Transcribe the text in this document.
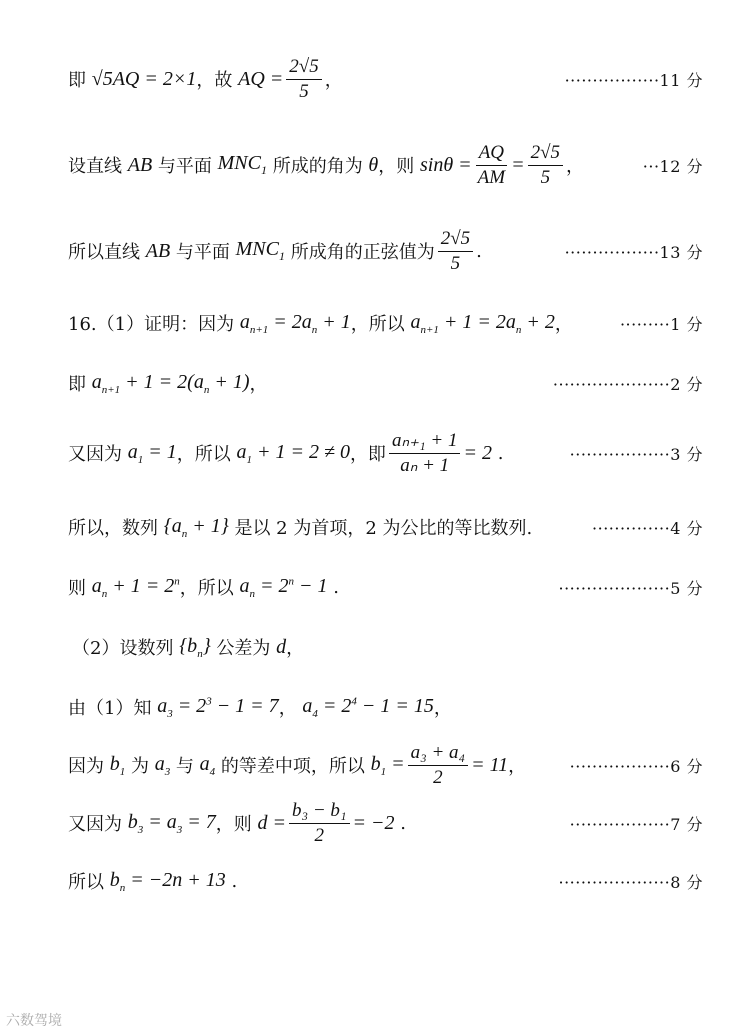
即 √5AQ = 2×1 ，故 AQ = $\frac{2√5}{5}$ ，	·················11 分
设直线 AB 与平面 $MNC_1$ 所成的角为 θ ，则 $\sin\theta = \frac{AQ}{AM} = \frac{2√5}{5}$ ，	···12 分
所以直线 AB 与平面 $MNC_1$ 所成角的正弦值为 $\frac{2√5}{5}$ .	·················13 分
16.（1）证明：因为 $a_{n+1} = 2a_n + 1$ ，所以 $a_{n+1} + 1 = 2a_n + 2$ ，	·········1 分
即 $a_{n+1} + 1 = 2(a_n + 1)$ ，	·····················2 分
又因为 $a_1 = 1$ ，所以 $a_1 + 1 = 2 \ne 0$ ，即 $\frac{\text{aₙ₊₁ + 1}}{\text{aₙ + 1}} = 2$ .	··················3 分
所以，数列 $\{a_n + 1\}$ 是以 2 为首项，2 为公比的等比数列.	··············4 分
则 $a_n + 1 = 2^n$ ，所以 $a_n = 2^n - 1$ .	····················5 分
（2）设数列 $\{b_n\}$ 公差为 d ，
由（1）知 $a_3 = 2^3 - 1 = 7$ ， $a_4 = 2^4 - 1 = 15$ ，
因为 $b_1$ 为 $a_3$ 与 $a_4$ 的等差中项，所以 $b_1 = \frac{\text{a₃ + a₄}}{2} = 11$ ，	··················6 分
又因为 $b_3 = a_3 = 7$ ，则 $d = \frac{\text{b₃ − b₁}}{2} = -2$ .	··················7 分
所以 $b_n = -2n + 13$ .	····················8 分
六数驾境
